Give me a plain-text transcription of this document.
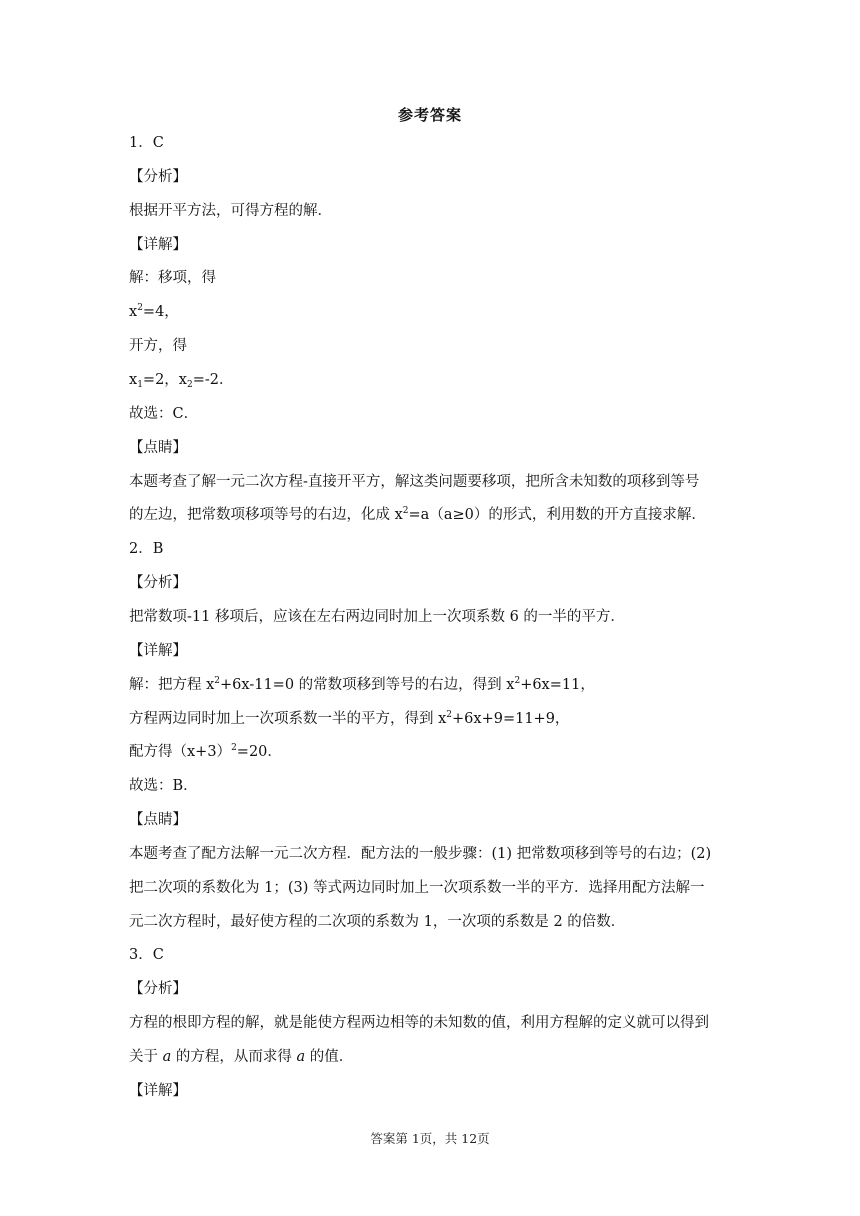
参考答案
1．C
【分析】
根据开平方法，可得方程的解．
【详解】
解：移项，得
$x^2=4$，
开方，得
$x_1=2$，$x_2=-2$．
故选：C．
【点睛】
本题考查了解一元二次方程-直接开平方，解这类问题要移项，把所含未知数的项移到等号
的左边，把常数项移项等号的右边，化成 $x^2=a(a\ge 0)$的形式，利用数的开方直接求解．
2．B
【分析】
把常数项-11 移项后，应该在左右两边同时加上一次项系数 6 的一半的平方．
【详解】
解：把方程 $x^2+6x-11=0$ 的常数项移到等号的右边，得到 $x^2+6x=11$，
方程两边同时加上一次项系数一半的平方，得到 $x^2+6x+9=11+9$，
配方得$(x+3)^2=20$．
故选：B．
【点睛】
本题考查了配方法解一元二次方程．配方法的一般步骤：(1) 把常数项移到等号的右边；(2)
把二次项的系数化为 1；(3) 等式两边同时加上一次项系数一半的平方．选择用配方法解一
元二次方程时，最好使方程的二次项的系数为 1，一次项的系数是 2 的倍数．
3．C
【分析】
方程的根即方程的解，就是能使方程两边相等的未知数的值，利用方程解的定义就可以得到
关于 a 的方程，从而求得 a 的值．
【详解】
答案第 1页，共 12页
